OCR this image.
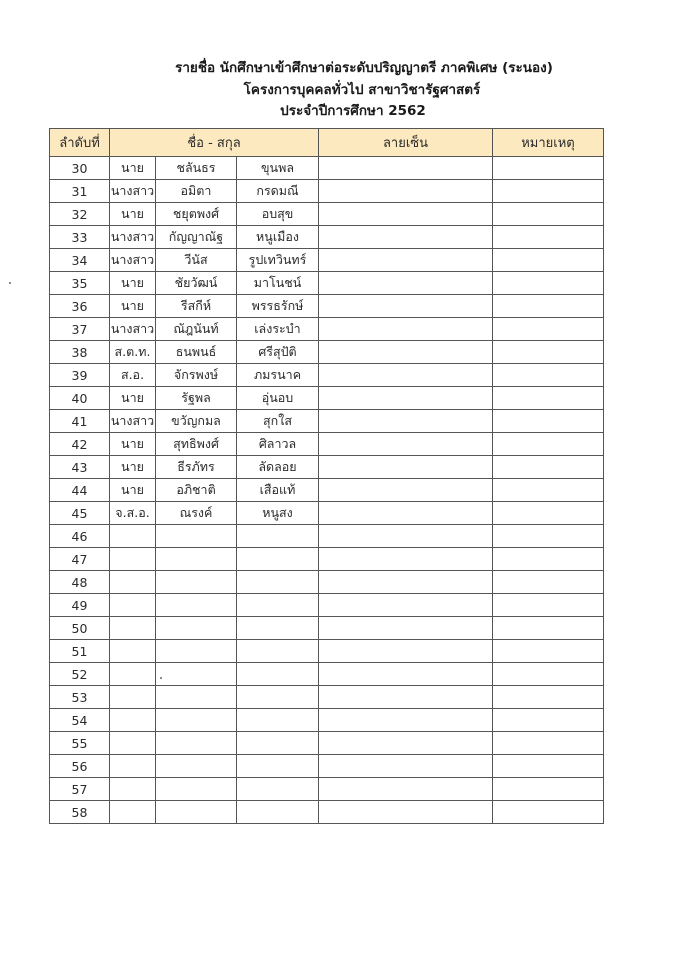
รายชื่อ นักศึกษาเข้าศึกษาต่อระดับปริญญาตรี ภาคพิเศษ (ระนอง)
โครงการบุคคลทั่วไป สาขาวิชารัฐศาสตร์
ประจำปีการศึกษา 2562
ลำดับที่	ชื่อ - สกุล			ลายเซ็น	หมายเหตุ
30	นาย	ชลันธร	ขุนพล		
31	นางสาว	อมิตา	กรดมณี		
32	นาย	ชยุตพงศ์	อบสุข		
33	นางสาว	กัญญาณัฐ	หนูเมือง		
34	นางสาว	วีนัส	รูปเทวินทร์		
35	นาย	ชัยวัฒน์	มาโนชน์		
36	นาย	รีสกีห์	พรรธรักษ์		
37	นางสาว	ณัฎนันท์	เล่งระบำ		
38	ส.ต.ท.	ธนพนธ์	ศรีสุปัติ		
39	ส.อ.	จักรพงษ์	ภมรนาค		
40	นาย	รัฐพล	อุ่นอบ		
41	นางสาว	ขวัญกมล	สุกใส		
42	นาย	สุทธิพงศ์	ศิลาวล		
43	นาย	ธีรภัทร	ลัดลอย		
44	นาย	อภิชาติ	เสือแท้		
45	จ.ส.อ.	ณรงค์	หนูสง		
46					
47					
48					
49					
50					
51					
52					
53					
54					
55					
56					
57					
58					
